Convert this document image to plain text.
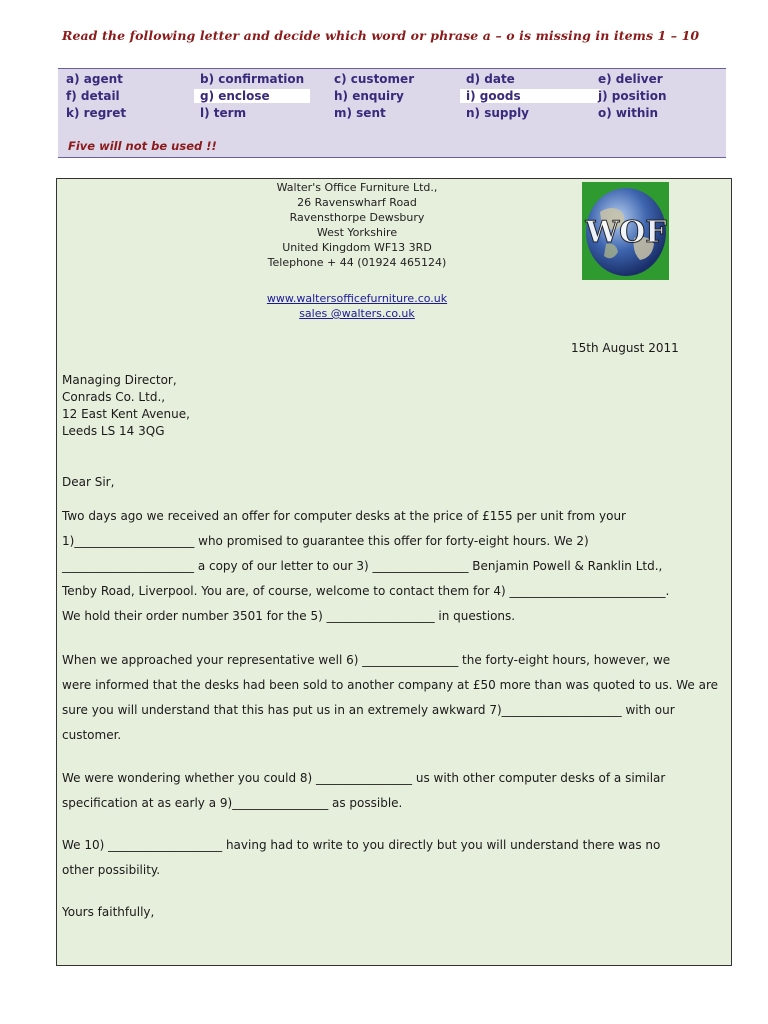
Read the following letter and decide which word or phrase a – o is missing in items 1 – 10
a) agent	b) confirmation c) customer	d) date	e) deliver
f) detail	g) enclose	h) enquiry	i) goods	j) position
k) regret	l) term	m) sent	n) supply	o) within
Five will not be used !!
Walter's Office Furniture Ltd.,
26 Ravenswharf Road
Ravensthorpe Dewsbury
West Yorkshire
United Kingdom WF13 3RD
Telephone + 44 (01924 465124)
www.waltersofficefurniture.co.uk
sales @walters.co.uk
WOF
15th August 2011
Managing Director,
Conrads Co. Ltd.,
12 East Kent Avenue,
Leeds LS 14 3QG
Dear Sir,
Two days ago we received an offer for computer desks at the price of £155 per unit from your
1)____________________ who promised to guarantee this offer for forty-eight hours. We 2)
______________________ a copy of our letter to our 3) ________________ Benjamin Powell & Ranklin Ltd.,
Tenby Road, Liverpool. You are, of course, welcome to contact them for 4) __________________________.
We hold their order number 3501 for the 5) __________________ in questions.
When we approached your representative well 6) ________________ the forty-eight hours, however, we
were informed that the desks had been sold to another company at £50 more than was quoted to us. We are
sure you will understand that this has put us in an extremely awkward 7)____________________ with our
customer.
We were wondering whether you could 8) ________________ us with other computer desks of a similar
specification at as early a 9)________________ as possible.
We 10) ___________________ having had to write to you directly but you will understand there was no
other possibility.
Yours faithfully,
